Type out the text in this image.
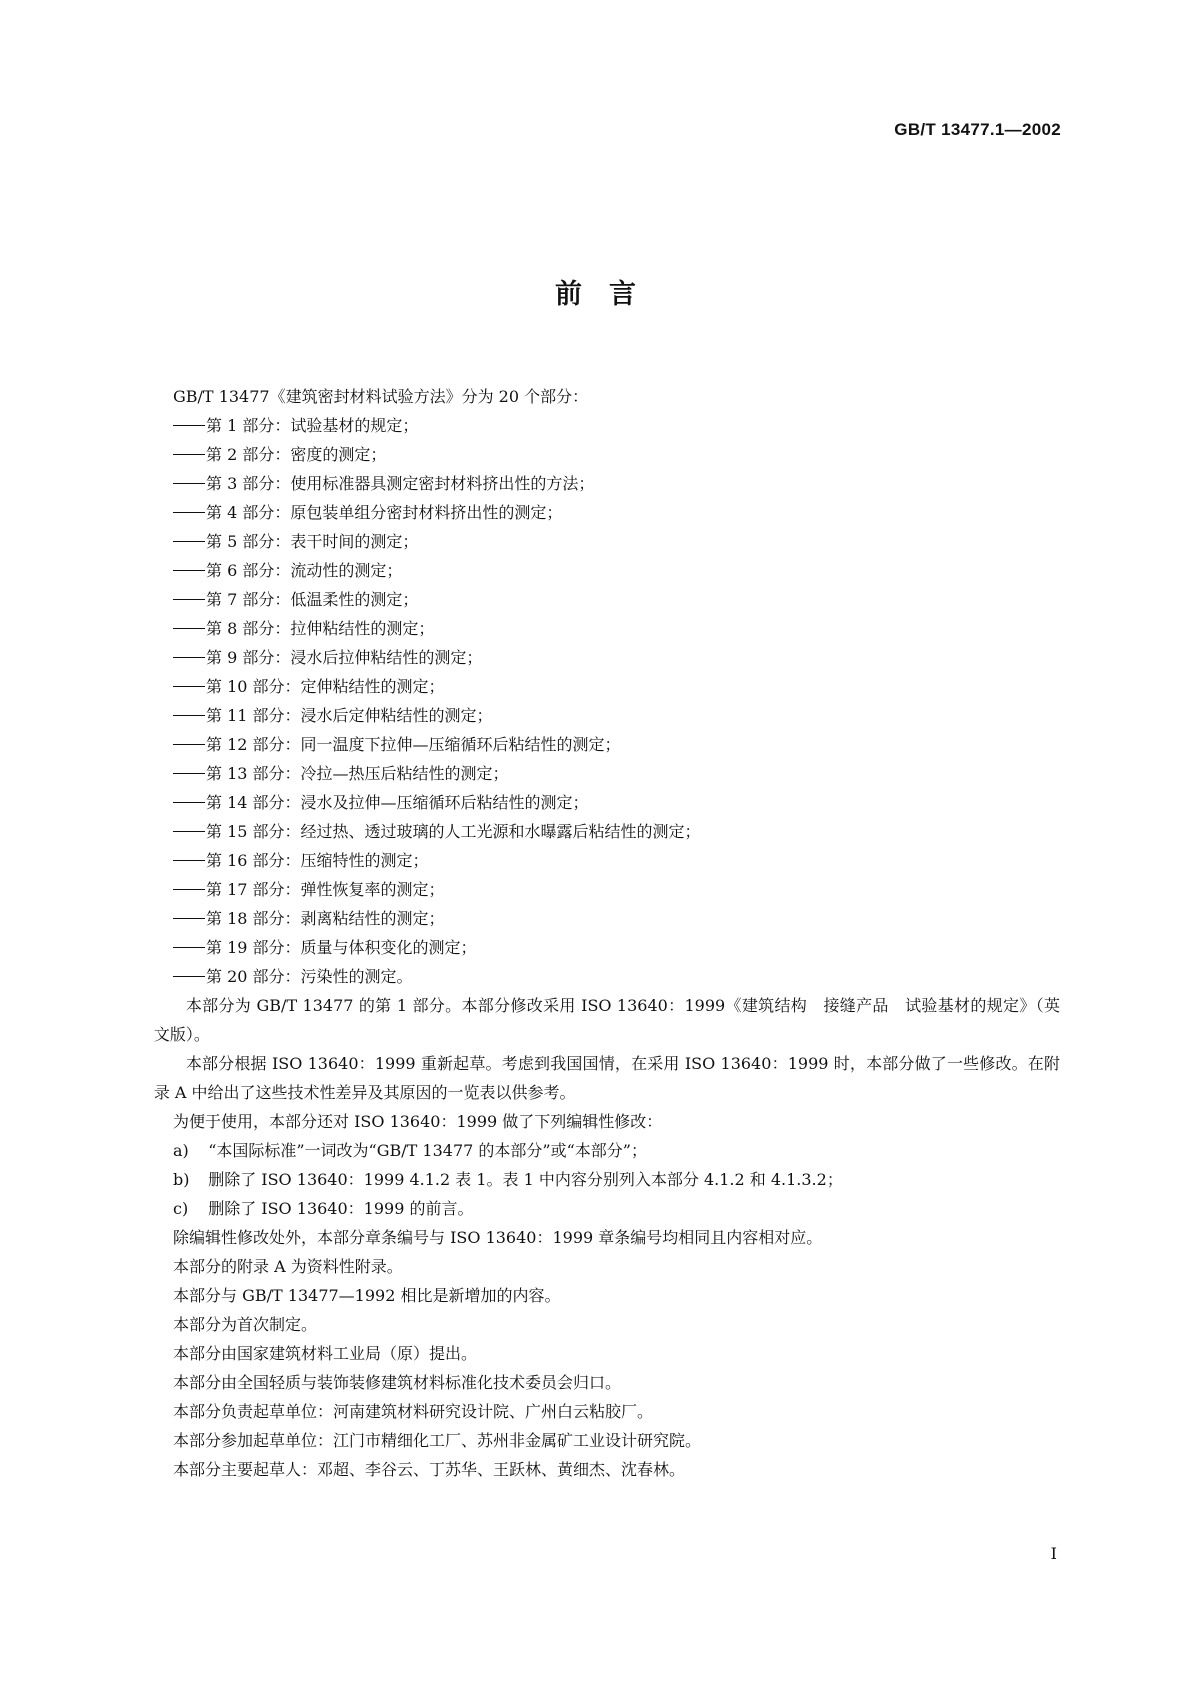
GB/T 13477.1—2002
前　言
GB/T 13477《建筑密封材料试验方法》分为 20 个部分：
第 1 部分：试验基材的规定；
第 2 部分：密度的测定；
第 3 部分：使用标准器具测定密封材料挤出性的方法；
第 4 部分：原包装单组分密封材料挤出性的测定；
第 5 部分：表干时间的测定；
第 6 部分：流动性的测定；
第 7 部分：低温柔性的测定；
第 8 部分：拉伸粘结性的测定；
第 9 部分：浸水后拉伸粘结性的测定；
第 10 部分：定伸粘结性的测定；
第 11 部分：浸水后定伸粘结性的测定；
第 12 部分：同一温度下拉伸—压缩循环后粘结性的测定；
第 13 部分：冷拉—热压后粘结性的测定；
第 14 部分：浸水及拉伸—压缩循环后粘结性的测定；
第 15 部分：经过热、透过玻璃的人工光源和水曝露后粘结性的测定；
第 16 部分：压缩特性的测定；
第 17 部分：弹性恢复率的测定；
第 18 部分：剥离粘结性的测定；
第 19 部分：质量与体积变化的测定；
第 20 部分：污染性的测定。
本部分为 GB/T 13477 的第 1 部分。本部分修改采用 ISO 13640：1999《建筑结构　接缝产品　试验基材的规定》（英文版）。
本部分根据 ISO 13640：1999 重新起草。考虑到我国国情，在采用 ISO 13640：1999 时，本部分做了一些修改。在附录 A 中给出了这些技术性差异及其原因的一览表以供参考。
为便于使用，本部分还对 ISO 13640：1999 做了下列编辑性修改：
a) “本国际标准”一词改为“GB/T 13477 的本部分”或“本部分”；
b) 删除了 ISO 13640：1999 4.1.2 表 1。表 1 中内容分别列入本部分 4.1.2 和 4.1.3.2；
c) 删除了 ISO 13640：1999 的前言。
除编辑性修改处外，本部分章条编号与 ISO 13640：1999 章条编号均相同且内容相对应。
本部分的附录 A 为资料性附录。
本部分与 GB/T 13477—1992 相比是新增加的内容。
本部分为首次制定。
本部分由国家建筑材料工业局（原）提出。
本部分由全国轻质与装饰装修建筑材料标准化技术委员会归口。
本部分负责起草单位：河南建筑材料研究设计院、广州白云粘胶厂。
本部分参加起草单位：江门市精细化工厂、苏州非金属矿工业设计研究院。
本部分主要起草人：邓超、李谷云、丁苏华、王跃林、黄细杰、沈春林。
I
